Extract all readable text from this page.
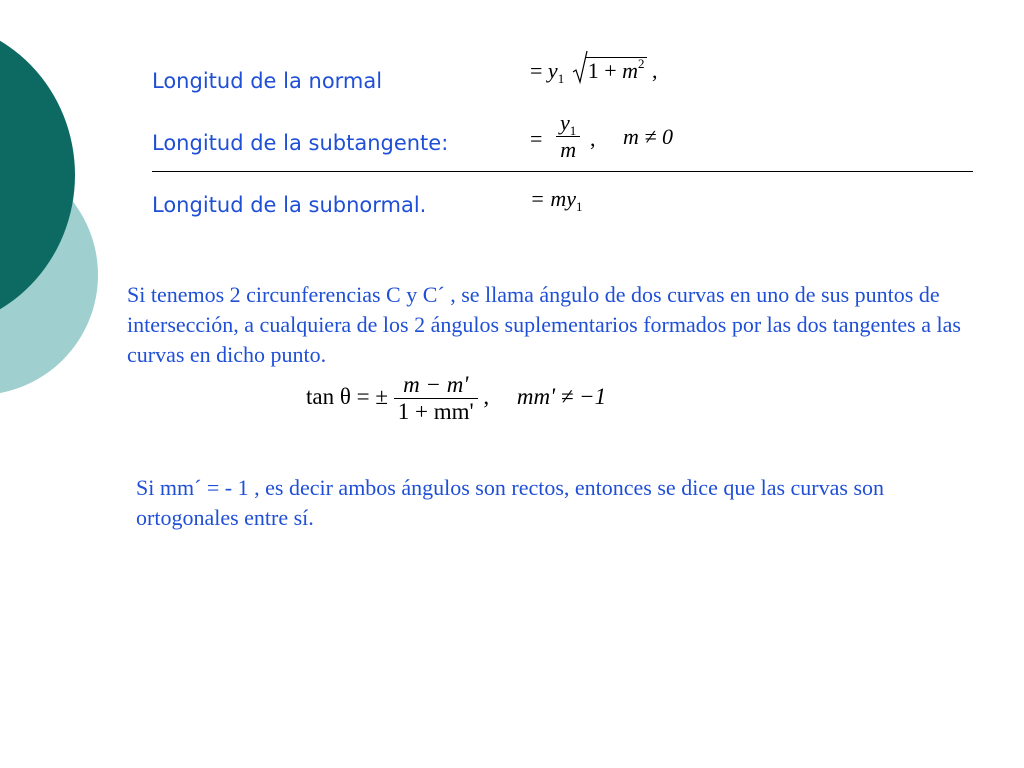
Longitud de la normal
Longitud de la subtangente:
Longitud de la subnormal.
= $y_1$ $1 + m^2$ ,
= $\frac{y_1}{m}$ , m ≠ 0
= $my_1$
Si tenemos 2 circunferencias C y C´ , se llama ángulo de dos curvas en uno de sus puntos de intersección, a cualquiera de los 2 ángulos suplementarios formados por las dos tangentes a las curvas en dicho punto.
tan θ = ± $\frac{m - m'}{1 + mm'}$ , mm' ≠ −1
Si mm´ = - 1 , es decir ambos ángulos son rectos, entonces se dice que las curvas son ortogonales entre sí.
